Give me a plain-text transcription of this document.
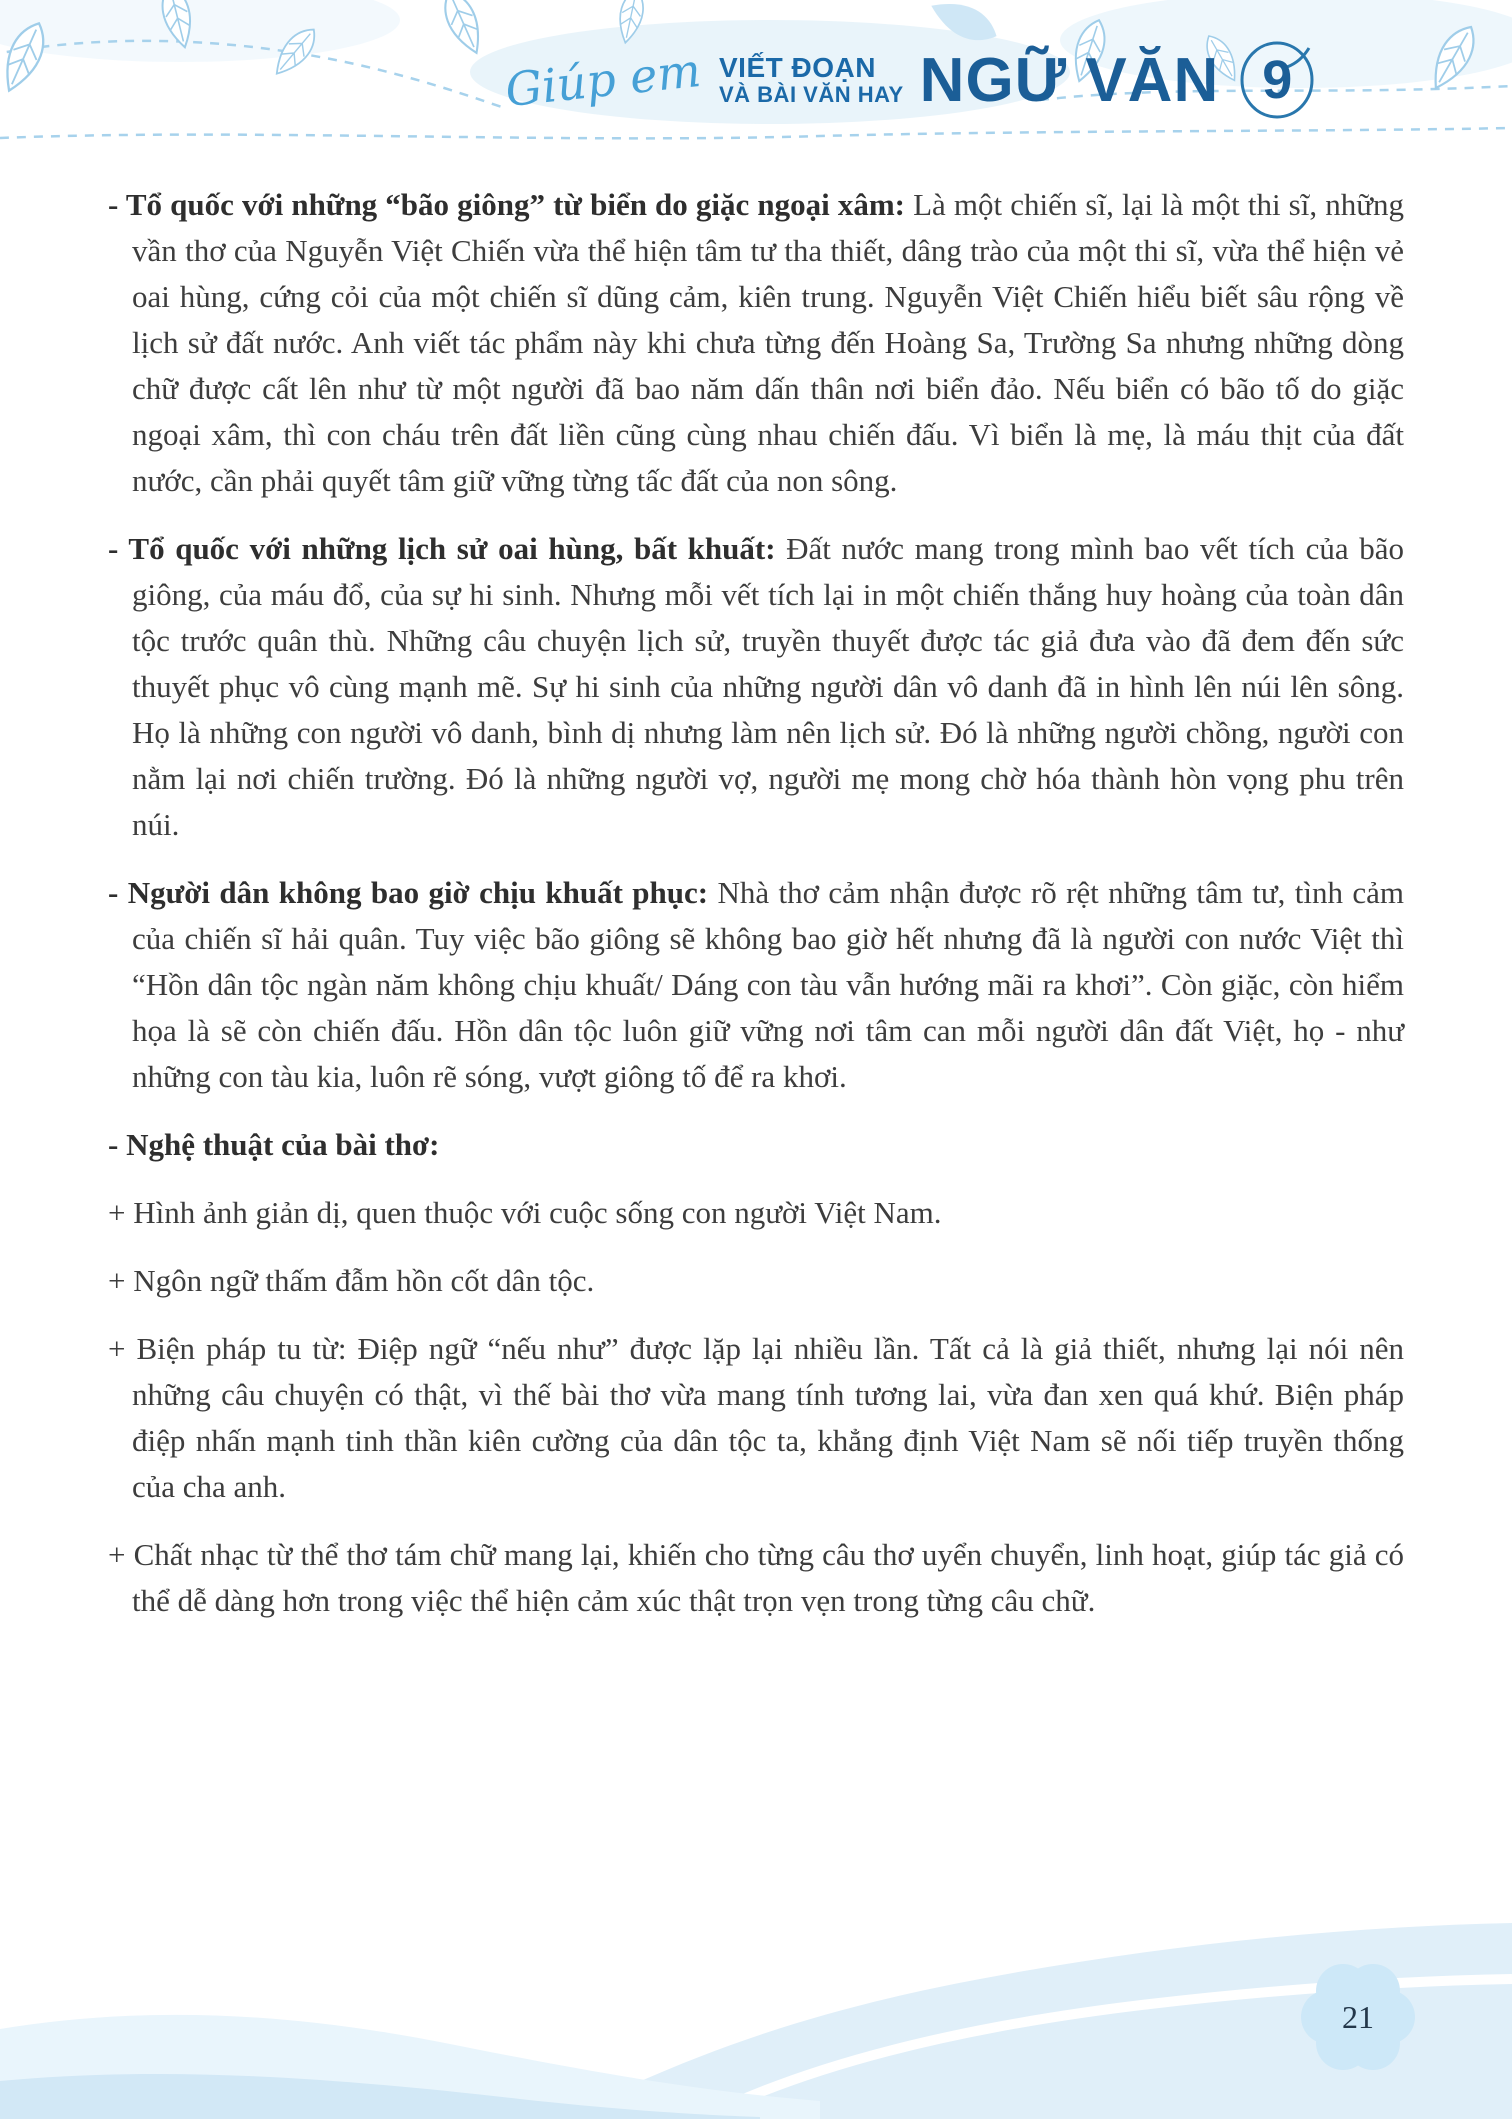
Giúp em VIẾT ĐOẠN
VÀ BÀI VĂN HAY NGỮ VĂN 9
- Tổ quốc với những “bão giông” từ biển do giặc ngoại xâm: Là một chiến sĩ, lại là một thi sĩ, những vần thơ của Nguyễn Việt Chiến vừa thể hiện tâm tư tha thiết, dâng trào của một thi sĩ, vừa thể hiện vẻ oai hùng, cứng cỏi của một chiến sĩ dũng cảm, kiên trung. Nguyễn Việt Chiến hiểu biết sâu rộng về lịch sử đất nước. Anh viết tác phẩm này khi chưa từng đến Hoàng Sa, Trường Sa nhưng những dòng chữ được cất lên như từ một người đã bao năm dấn thân nơi biển đảo. Nếu biển có bão tố do giặc ngoại xâm, thì con cháu trên đất liền cũng cùng nhau chiến đấu. Vì biển là mẹ, là máu thịt của đất nước, cần phải quyết tâm giữ vững từng tấc đất của non sông.
- Tổ quốc với những lịch sử oai hùng, bất khuất: Đất nước mang trong mình bao vết tích của bão giông, của máu đổ, của sự hi sinh. Nhưng mỗi vết tích lại in một chiến thắng huy hoàng của toàn dân tộc trước quân thù. Những câu chuyện lịch sử, truyền thuyết được tác giả đưa vào đã đem đến sức thuyết phục vô cùng mạnh mẽ. Sự hi sinh của những người dân vô danh đã in hình lên núi lên sông. Họ là những con người vô danh, bình dị nhưng làm nên lịch sử. Đó là những người chồng, người con nằm lại nơi chiến trường. Đó là những người vợ, người mẹ mong chờ hóa thành hòn vọng phu trên núi.
- Người dân không bao giờ chịu khuất phục: Nhà thơ cảm nhận được rõ rệt những tâm tư, tình cảm của chiến sĩ hải quân. Tuy việc bão giông sẽ không bao giờ hết nhưng đã là người con nước Việt thì “Hồn dân tộc ngàn năm không chịu khuất/ Dáng con tàu vẫn hướng mãi ra khơi”. Còn giặc, còn hiểm họa là sẽ còn chiến đấu. Hồn dân tộc luôn giữ vững nơi tâm can mỗi người dân đất Việt, họ - như những con tàu kia, luôn rẽ sóng, vượt giông tố để ra khơi.
- Nghệ thuật của bài thơ:
+ Hình ảnh giản dị, quen thuộc với cuộc sống con người Việt Nam.
+ Ngôn ngữ thấm đẫm hồn cốt dân tộc.
+ Biện pháp tu từ: Điệp ngữ “nếu như” được lặp lại nhiều lần. Tất cả là giả thiết, nhưng lại nói nên những câu chuyện có thật, vì thế bài thơ vừa mang tính tương lai, vừa đan xen quá khứ. Biện pháp điệp nhấn mạnh tinh thần kiên cường của dân tộc ta, khẳng định Việt Nam sẽ nối tiếp truyền thống của cha anh.
+ Chất nhạc từ thể thơ tám chữ mang lại, khiến cho từng câu thơ uyển chuyển, linh hoạt, giúp tác giả có thể dễ dàng hơn trong việc thể hiện cảm xúc thật trọn vẹn trong từng câu chữ.
21
